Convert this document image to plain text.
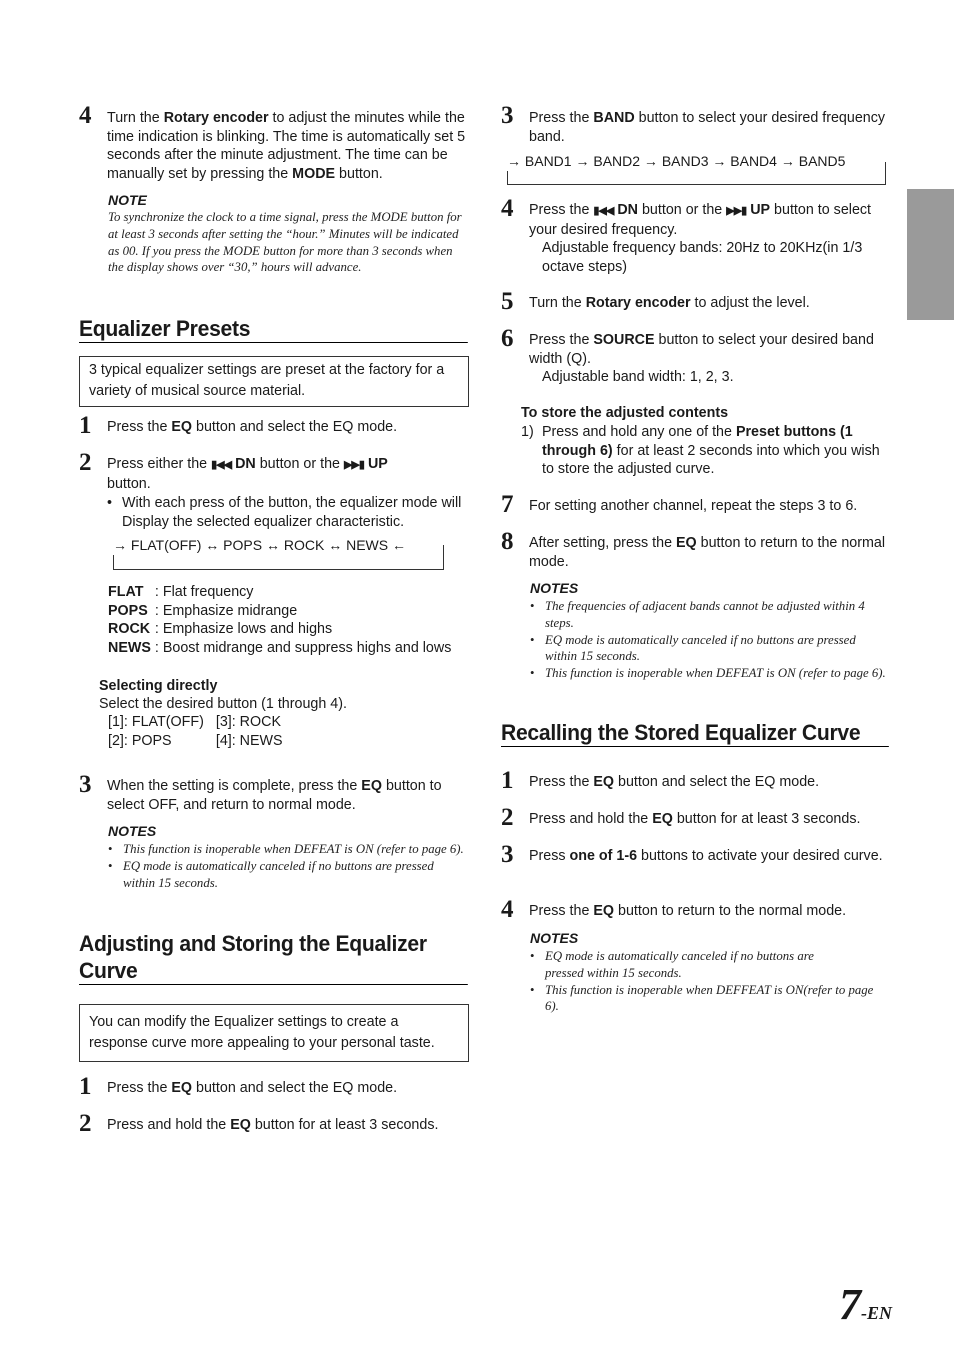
4 Turn the Rotary encoder to adjust the minutes while the time indication is blinking. The time is automatically set 5 seconds after the minute adjustment. The time can be manually set by pressing the MODE button.
NOTE
To synchronize the clock to a time signal, press the MODE button for at least 3 seconds after setting the “hour.” Minutes will be indicated as 00. If you press the MODE button for more than 3 seconds when the display shows over “30,” hours will advance.
Equalizer Presets
3 typical equalizer settings are preset at the factory for a variety of musical source material.
1 Press the EQ button and select the EQ mode.
2 Press either the ▮◀◀ DN button or the ▶▶▮ UP
button.
• With each press of the button, the equalizer mode will Display the selected equalizer characteristic.
→ FLAT(OFF) ↔ POPS ↔ ROCK ↔ NEWS ←
FLAT	: Flat frequency
POPS	: Emphasize midrange
ROCK	: Emphasize lows and highs
NEWS	: Boost midrange and suppress highs and lows
Selecting directly
Select the desired button (1 through 4).
[1]: FLAT(OFF)	[3]: ROCK
[2]: POPS	[4]: NEWS
3 When the setting is complete, press the EQ button to select OFF, and return to normal mode.
NOTES
• This function is inoperable when DEFEAT is ON (refer to page 6).
• EQ mode is automatically canceled if no buttons are pressed within 15 seconds.
Adjusting and Storing the Equalizer Curve
You can modify the Equalizer settings to create a response curve more appealing to your personal taste.
1 Press the EQ button and select the EQ mode.
2 Press and hold the EQ button for at least 3 seconds.
3 Press the BAND button to select your desired frequency band.
→ BAND1 → BAND2 → BAND3 → BAND4 → BAND5
4 Press the ▮◀◀ DN button or the ▶▶▮ UP button to select your desired frequency.
Adjustable frequency bands: 20Hz to 20KHz(in 1/3 octave steps)
5 Turn the Rotary encoder to adjust the level.
6 Press the SOURCE button to select your desired band width (Q).
Adjustable band width: 1, 2, 3.
To store the adjusted contents
1) Press and hold any one of the Preset buttons (1 through 6) for at least 2 seconds into which you wish to store the adjusted curve.
7 For setting another channel, repeat the steps 3 to 6.
8 After setting, press the EQ button to return to the normal mode.
NOTES
• The frequencies of adjacent bands cannot be adjusted within 4 steps.
• EQ mode is automatically canceled if no buttons are pressed within 15 seconds.
• This function is inoperable when DEFEAT is ON (refer to page 6).
Recalling the Stored Equalizer Curve
1 Press the EQ button and select the EQ mode.
2 Press and hold the EQ button for at least 3 seconds.
3 Press one of 1-6 buttons to activate your desired curve.
4 Press the EQ button to return to the normal mode.
NOTES
• EQ mode is automatically canceled if no buttons are pressed within 15 seconds.
• This function is inoperable when DEFFEAT is ON(refer to page 6).
7-EN
